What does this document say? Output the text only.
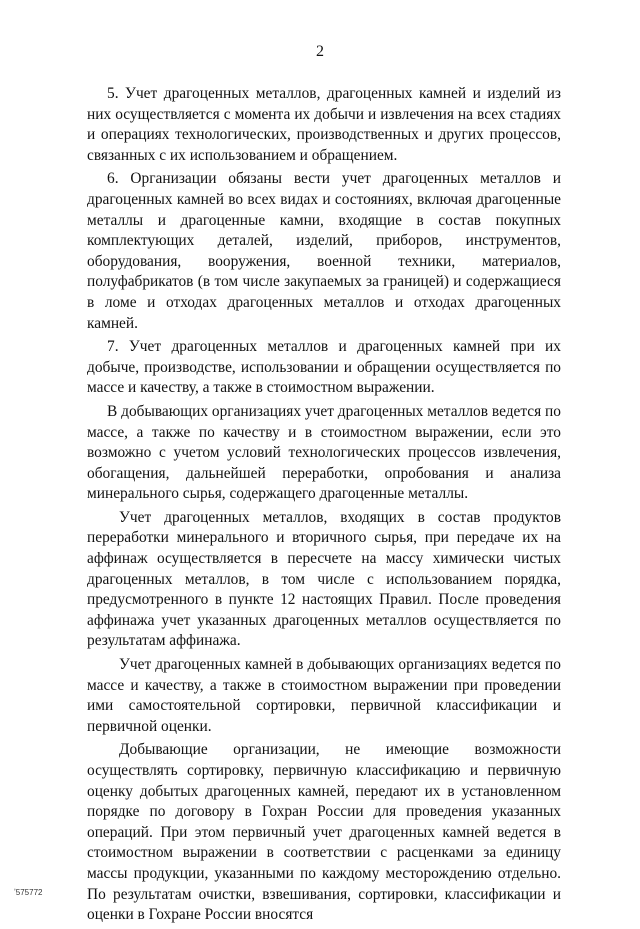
2

5. Учет драгоценных металлов, драгоценных камней и изделий из них осуществляется с момента их добычи и извлечения на всех стадиях и операциях технологических, производственных и других процессов, связанных с их использованием и обращением.

6. Организации обязаны вести учет драгоценных металлов и драгоценных камней во всех видах и состояниях, включая драгоценные металлы и драгоценные камни, входящие в состав покупных комплектующих деталей, изделий, приборов, инструментов, оборудования, вооружения, военной техники, материалов, полуфабрикатов (в том числе закупаемых за границей) и содержащиеся в ломе и отходах драгоценных металлов и отходах драгоценных камней.

7. Учет драгоценных металлов и драгоценных камней при их добыче, производстве, использовании и обращении осуществляется по массе и качеству, а также в стоимостном выражении.

В добывающих организациях учет драгоценных металлов ведется по массе, а также по качеству и в стоимостном выражении, если это возможно с учетом условий технологических процессов извлечения, обогащения, дальнейшей переработки, опробования и анализа минерального сырья, содержащего драгоценные металлы.

Учет драгоценных металлов, входящих в состав продуктов переработки минерального и вторичного сырья, при передаче их на аффинаж осуществляется в пересчете на массу химически чистых драгоценных металлов, в том числе с использованием порядка, предусмотренного в пункте 12 настоящих Правил. После проведения аффинажа учет указанных драгоценных металлов осуществляется по результатам аффинажа.

Учет драгоценных камней в добывающих организациях ведется по массе и качеству, а также в стоимостном выражении при проведении ими самостоятельной сортировки, первичной классификации и первичной оценки.

Добывающие организации, не имеющие возможности осуществлять сортировку, первичную классификацию и первичную оценку добытых драгоценных камней, передают их в установленном порядке по договору в Гохран России для проведения указанных операций. При этом первичный учет драгоценных камней ведется в стоимостном выражении в соответствии с расценками за единицу массы продукции, указанными по каждому месторождению отдельно. По результатам очистки, взвешивания, сортировки, классификации и оценки в Гохране России вносятся

ʼ575772
